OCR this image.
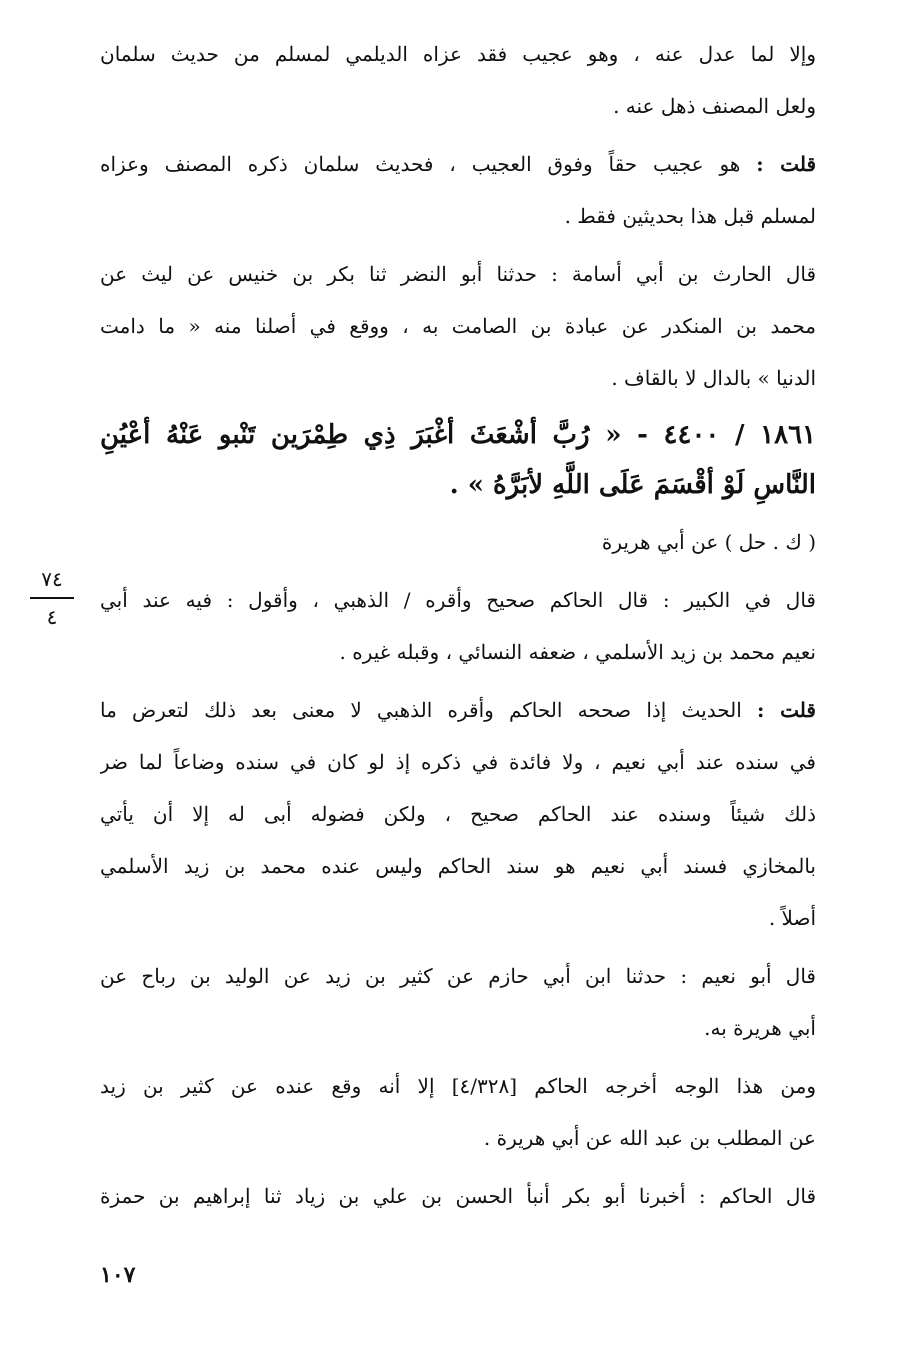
٧٤
٤
وإلا لما عدل عنه ، وهو عجيب فقد عزاه الديلمي لمسلم من حديث سلمان
ولعل المصنف ذهل عنه .
قلت : هو عجيب حقاً وفوق العجيب ، فحديث سلمان ذكره المصنف وعزاه
لمسلم قبل هذا بحديثين فقط .
قال الحارث بن أبي أسامة : حدثنا أبو النضر ثنا بكر بن خنيس عن ليث عن
محمد بن المنكدر عن عبادة بن الصامت به ، ووقع في أصلنا منه « ما دامت
الدنيا » بالدال لا بالقاف .
١٨٦١ / ٤٤٠٠ - « رُبَّ أشْعَثَ أغْبَرَ ذِي طِمْرَين تَنْبو عَنْهُ أعْيُنِ
النَّاسِ لَوْ أقْسَمَ عَلَى اللَّهِ لأبَرَّهُ » .
( ك . حل ) عن أبي هريرة
قال في الكبير : قال الحاكم صحيح وأقره / الذهبي ، وأقول : فيه عند أبي
نعيم محمد بن زيد الأسلمي ، ضعفه النسائي ، وقبله غيره .
قلت : الحديث إذا صححه الحاكم وأقره الذهبي لا معنى بعد ذلك لتعرض ما
في سنده عند أبي نعيم ، ولا فائدة في ذكره إذ لو كان في سنده وضاعاً لما ضر
ذلك شيئاً وسنده عند الحاكم صحيح ، ولكن فضوله أبى له إلا أن يأتي
بالمخازي فسند أبي نعيم هو سند الحاكم وليس عنده محمد بن زيد الأسلمي
أصلاً .
قال أبو نعيم : حدثنا ابن أبي حازم عن كثير بن زيد عن الوليد بن رباح عن
أبي هريرة به.
ومن هذا الوجه أخرجه الحاكم [٤/٣٢٨] إلا أنه وقع عنده عن كثير بن زيد
عن المطلب بن عبد الله عن أبي هريرة .
قال الحاكم : أخبرنا أبو بكر أنبأ الحسن بن علي بن زياد ثنا إبراهيم بن حمزة
١٠٧
